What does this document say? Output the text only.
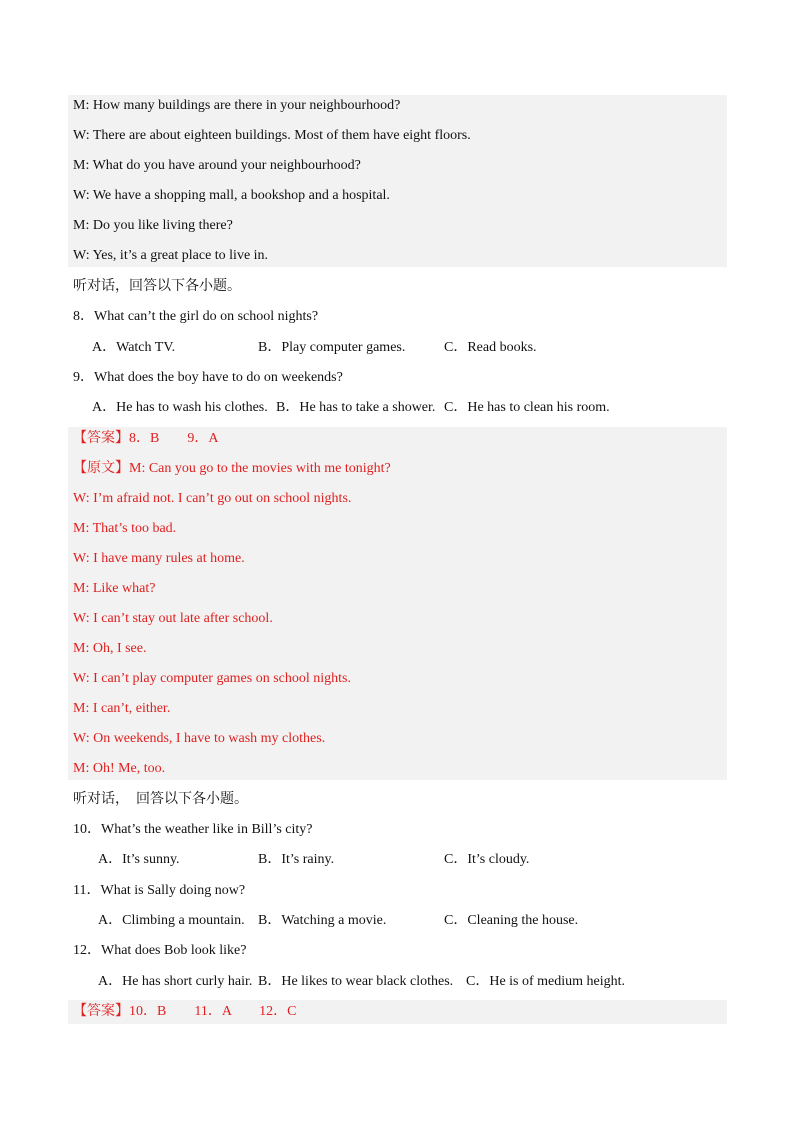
M: How many buildings are there in your neighbourhood?
W: There are about eighteen buildings. Most of them have eight floors.
M: What do you have around your neighbourhood?
W: We have a shopping mall, a bookshop and a hospital.
M: Do you like living there?
W: Yes, it’s a great place to live in.
听对话，回答以下各小题。
8．What can’t the girl do on school nights?
A．Watch TV.	B．Play computer games.	C．Read books.
9．What does the boy have to do on weekends?
A．He has to wash his clothes. B．He has to take a shower. C．He has to clean his room.
【答案】8．B　　9．A
【原文】M: Can you go to the movies with me tonight?
W: I’m afraid not. I can’t go out on school nights.
M: That’s too bad.
W: I have many rules at home.
M: Like what?
W: I can’t stay out late after school.
M: Oh, I see.
W: I can’t play computer games on school nights.
M: I can’t, either.
W: On weekends, I have to wash my clothes.
M: Oh! Me, too.
听对话，　回答以下各小题。
10．What’s the weather like in Bill’s city?
A．It’s sunny.	B．It’s rainy.	C．It’s cloudy.
11．What is Sally doing now?
A．Climbing a mountain. B．Watching a movie.	C．Cleaning the house.
12．What does Bob look like?
A．He has short curly hair. B．He likes to wear black clothes. C．He is of medium height.
【答案】10．B　　11．A　　12．C
